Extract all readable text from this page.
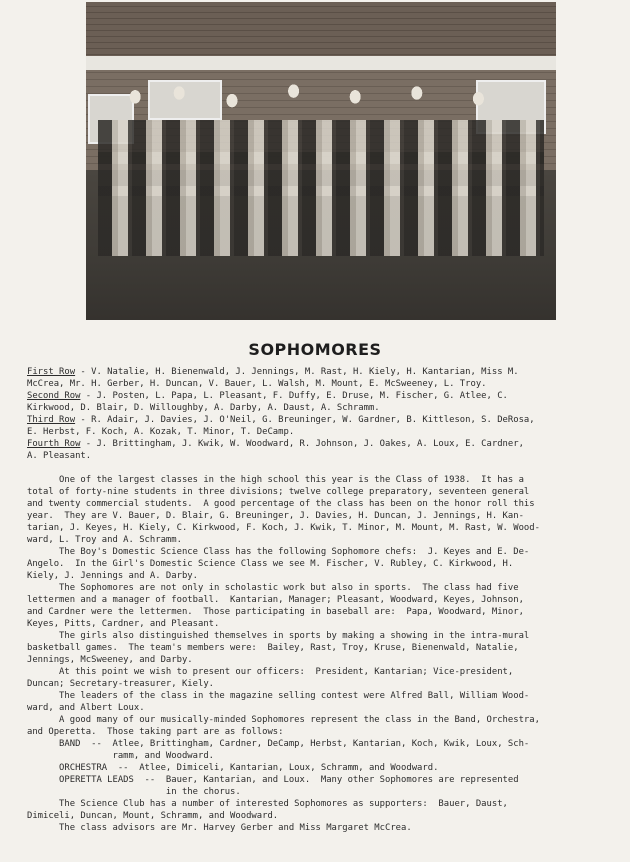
SOPHOMORES
First Row - V. Natalie, H. Bienenwald, J. Jennings, M. Rast, H. Kiely, H. Kantarian, Miss M.
McCrea, Mr. H. Gerber, H. Duncan, V. Bauer, L. Walsh, M. Mount, E. McSweeney, L. Troy.
Second Row - J. Posten, L. Papa, L. Pleasant, F. Duffy, E. Druse, M. Fischer, G. Atlee, C.
Kirkwood, D. Blair, D. Willoughby, A. Darby, A. Daust, A. Schramm.
Third Row - R. Adair, J. Davies, J. O'Neil, G. Breuninger, W. Gardner, B. Kittleson, S. DeRosa,
E. Herbst, F. Koch, A. Kozak, T. Minor, T. DeCamp.
Fourth Row - J. Brittingham, J. Kwik, W. Woodward, R. Johnson, J. Oakes, A. Loux, E. Cardner,
A. Pleasant.
One of the largest classes in the high school this year is the Class of 1938.  It has a
total of forty-nine students in three divisions; twelve college preparatory, seventeen general
and twenty commercial students.  A good percentage of the class has been on the honor roll this
year.  They are V. Bauer, D. Blair, G. Breuninger, J. Davies, H. Duncan, J. Jennings, H. Kan-
tarian, J. Keyes, H. Kiely, C. Kirkwood, F. Koch, J. Kwik, T. Minor, M. Mount, M. Rast, W. Wood-
ward, L. Troy and A. Schramm.
The Boy's Domestic Science Class has the following Sophomore chefs:  J. Keyes and E. De-
Angelo.  In the Girl's Domestic Science Class we see M. Fischer, V. Rubley, C. Kirkwood, H.
Kiely, J. Jennings and A. Darby.
The Sophomores are not only in scholastic work but also in sports.  The class had five
lettermen and a manager of football.  Kantarian, Manager; Pleasant, Woodward, Keyes, Johnson,
and Cardner were the lettermen.  Those participating in baseball are:  Papa, Woodward, Minor,
Keyes, Pitts, Cardner, and Pleasant.
The girls also distinguished themselves in sports by making a showing in the intra-mural
basketball games.  The team's members were:  Bailey, Rast, Troy, Kruse, Bienenwald, Natalie,
Jennings, McSweeney, and Darby.
At this point we wish to present our officers:  President, Kantarian; Vice-president,
Duncan; Secretary-treasurer, Kiely.
The leaders of the class in the magazine selling contest were Alfred Ball, William Wood-
ward, and Albert Loux.
A good many of our musically-minded Sophomores represent the class in the Band, Orchestra,
and Operetta.  Those taking part are as follows:
BAND  --  Atlee, Brittingham, Cardner, DeCamp, Herbst, Kantarian, Koch, Kwik, Loux, Sch-
ramm, and Woodward.
ORCHESTRA  --  Atlee, Dimiceli, Kantarian, Loux, Schramm, and Woodward.
OPERETTA LEADS  --  Bauer, Kantarian, and Loux.  Many other Sophomores are represented
in the chorus.
The Science Club has a number of interested Sophomores as supporters:  Bauer, Daust,
Dimiceli, Duncan, Mount, Schramm, and Woodward.
The class advisors are Mr. Harvey Gerber and Miss Margaret McCrea.
